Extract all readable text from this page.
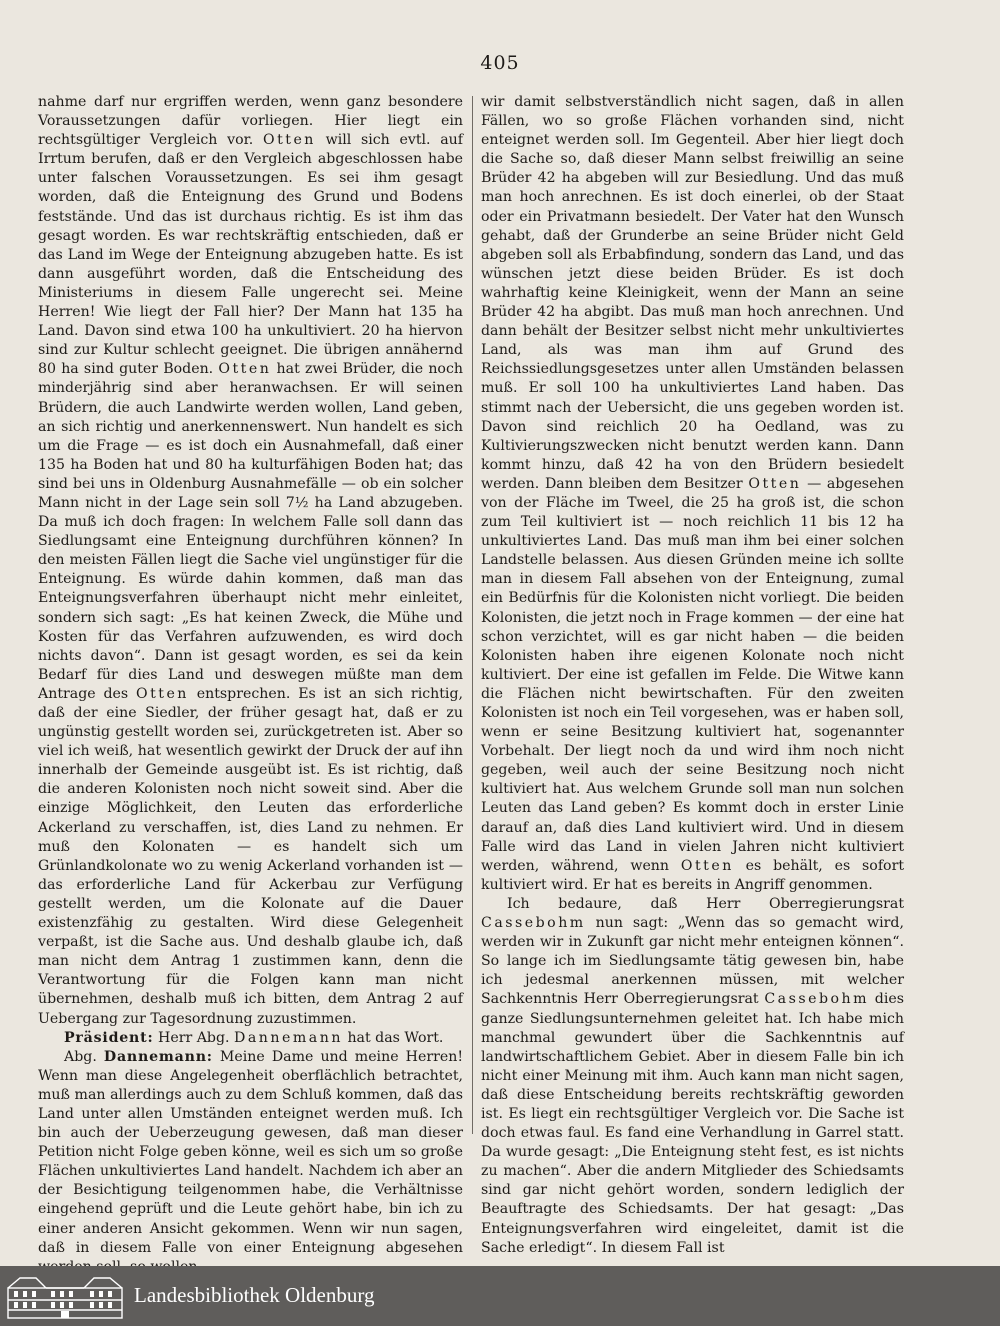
405

nahme darf nur ergriffen werden, wenn ganz besondere Voraussetzungen dafür vorliegen. Hier liegt ein rechtsgültiger Vergleich vor. Otten will sich evtl. auf Irrtum berufen, daß er den Vergleich abgeschlossen habe unter falschen Voraussetzungen. Es sei ihm gesagt worden, daß die Enteignung des Grund und Bodens feststände. Und das ist durchaus richtig. Es ist ihm das gesagt worden. Es war rechtskräftig entschieden, daß er das Land im Wege der Enteignung abzugeben hatte. Es ist dann ausgeführt worden, daß die Entscheidung des Ministeriums in diesem Falle ungerecht sei. Meine Herren! Wie liegt der Fall hier? Der Mann hat 135 ha Land. Davon sind etwa 100 ha unkultiviert. 20 ha hiervon sind zur Kultur schlecht geeignet. Die übrigen annähernd 80 ha sind guter Boden. Otten hat zwei Brüder, die noch minderjährig sind aber heranwachsen. Er will seinen Brüdern, die auch Landwirte werden wollen, Land geben, an sich richtig und anerkennenswert. Nun handelt es sich um die Frage — es ist doch ein Ausnahmefall, daß einer 135 ha Boden hat und 80 ha kulturfähigen Boden hat; das sind bei uns in Oldenburg Ausnahmefälle — ob ein solcher Mann nicht in der Lage sein soll 7½ ha Land abzugeben. Da muß ich doch fragen: In welchem Falle soll dann das Siedlungsamt eine Enteignung durchführen können? In den meisten Fällen liegt die Sache viel ungünstiger für die Enteignung. Es würde dahin kommen, daß man das Enteignungsverfahren überhaupt nicht mehr einleitet, sondern sich sagt: „Es hat keinen Zweck, die Mühe und Kosten für das Verfahren aufzuwenden, es wird doch nichts davon“. Dann ist gesagt worden, es sei da kein Bedarf für dies Land und deswegen müßte man dem Antrage des Otten entsprechen. Es ist an sich richtig, daß der eine Siedler, der früher gesagt hat, daß er zu ungünstig gestellt worden sei, zurückgetreten ist. Aber so viel ich weiß, hat wesentlich gewirkt der Druck der auf ihn innerhalb der Gemeinde ausgeübt ist. Es ist richtig, daß die anderen Kolonisten noch nicht soweit sind. Aber die einzige Möglichkeit, den Leuten das erforderliche Ackerland zu verschaffen, ist, dies Land zu nehmen. Er muß den Kolonaten — es handelt sich um Grünlandkolonate wo zu wenig Ackerland vorhanden ist — das erforderliche Land für Ackerbau zur Verfügung gestellt werden, um die Kolonate auf die Dauer existenzfähig zu gestalten. Wird diese Gelegenheit verpaßt, ist die Sache aus. Und deshalb glaube ich, daß man nicht dem Antrag 1 zustimmen kann, denn die Verantwortung für die Folgen kann man nicht übernehmen, deshalb muß ich bitten, dem Antrag 2 auf Uebergang zur Tagesordnung zuzustimmen.

Präsident: Herr Abg. Dannemann hat das Wort.

Abg. Dannemann: Meine Dame und meine Herren! Wenn man diese Angelegenheit oberflächlich betrachtet, muß man allerdings auch zu dem Schluß kommen, daß das Land unter allen Umständen enteignet werden muß. Ich bin auch der Ueberzeugung gewesen, daß man dieser Petition nicht Folge geben könne, weil es sich um so große Flächen unkultiviertes Land handelt. Nachdem ich aber an der Besichtigung teilgenommen habe, die Verhältnisse eingehend geprüft und die Leute gehört habe, bin ich zu einer anderen Ansicht gekommen. Wenn wir nun sagen, daß in diesem Falle von einer Enteignung abgesehen

wir damit selbstverständlich nicht sagen, daß in allen Fällen, wo so große Flächen vorhanden sind, nicht enteignet werden soll. Im Gegenteil. Aber hier liegt doch die Sache so, daß dieser Mann selbst freiwillig an seine Brüder 42 ha abgeben will zur Besiedlung. Und das muß man hoch anrechnen. Es ist doch einerlei, ob der Staat oder ein Privatmann besiedelt. Der Vater hat den Wunsch gehabt, daß der Grunderbe an seine Brüder nicht Geld abgeben soll als Erbabfindung, sondern das Land, und das wünschen jetzt diese beiden Brüder. Es ist doch wahrhaftig keine Kleinigkeit, wenn der Mann an seine Brüder 42 ha abgibt. Das muß man hoch anrechnen. Und dann behält der Besitzer selbst nicht mehr unkultiviertes Land, als was man ihm auf Grund des Reichssiedlungsgesetzes unter allen Umständen belassen muß. Er soll 100 ha unkultiviertes Land haben. Das stimmt nach der Uebersicht, die uns gegeben worden ist. Davon sind reichlich 20 ha Oedland, was zu Kultivierungszwecken nicht benutzt werden kann. Dann kommt hinzu, daß 42 ha von den Brüdern besiedelt werden. Dann bleiben dem Besitzer Otten — abgesehen von der Fläche im Tweel, die 25 ha groß ist, die schon zum Teil kultiviert ist — noch reichlich 11 bis 12 ha unkultiviertes Land. Das muß man ihm bei einer solchen Landstelle belassen. Aus diesen Gründen meine ich sollte man in diesem Fall absehen von der Enteignung, zumal ein Bedürfnis für die Kolonisten nicht vorliegt. Die beiden Kolonisten, die jetzt noch in Frage kommen — der eine hat schon verzichtet, will es gar nicht haben — die beiden Kolonisten haben ihre eigenen Kolonate noch nicht kultiviert. Der eine ist gefallen im Felde. Die Witwe kann die Flächen nicht bewirtschaften. Für den zweiten Kolonisten ist noch ein Teil vorgesehen, was er haben soll, wenn er seine Besitzung kultiviert hat, sogenannter Vorbehalt. Der liegt noch da und wird ihm noch nicht gegeben, weil auch der seine Besitzung noch nicht kultiviert hat. Aus welchem Grunde soll man nun solchen Leuten das Land geben? Es kommt doch in erster Linie darauf an, daß dies Land kultiviert wird. Und in diesem Falle wird das Land in vielen Jahren nicht kultiviert werden, während, wenn Otten es behält, es sofort kultiviert wird. Er hat es bereits in Angriff genommen.

Ich bedaure, daß Herr Oberregierungsrat Cassebohm nun sagt: „Wenn das so gemacht wird, werden wir in Zukunft gar nicht mehr enteignen können“. So lange ich im Siedlungsamte tätig gewesen bin, habe ich jedesmal anerkennen müssen, mit welcher Sachkenntnis Herr Oberregierungsrat Cassebohm dies ganze Siedlungsunternehmen geleitet hat. Ich habe mich manchmal gewundert über die Sachkenntnis auf landwirtschaftlichem Gebiet. Aber in diesem Falle bin ich nicht einer Meinung mit ihm. Auch kann man nicht sagen, daß diese Entscheidung bereits rechtskräftig geworden ist. Es liegt ein rechtsgültiger Vergleich vor. Die Sache ist doch etwas faul. Es fand eine Verhandlung in Garrel statt. Da wurde gesagt: „Die Enteignung steht fest, es ist nichts zu machen“. Aber die andern Mitglieder des Schiedsamts sind gar nicht gehört worden, sondern lediglich der Beauftragte des Schiedsamts. Der hat gesagt: „Das Enteignungsverfahren wird eingeleitet, damit ist die Sache erledigt“. In diesem Fall ist

Landesbibliothek Oldenburg
